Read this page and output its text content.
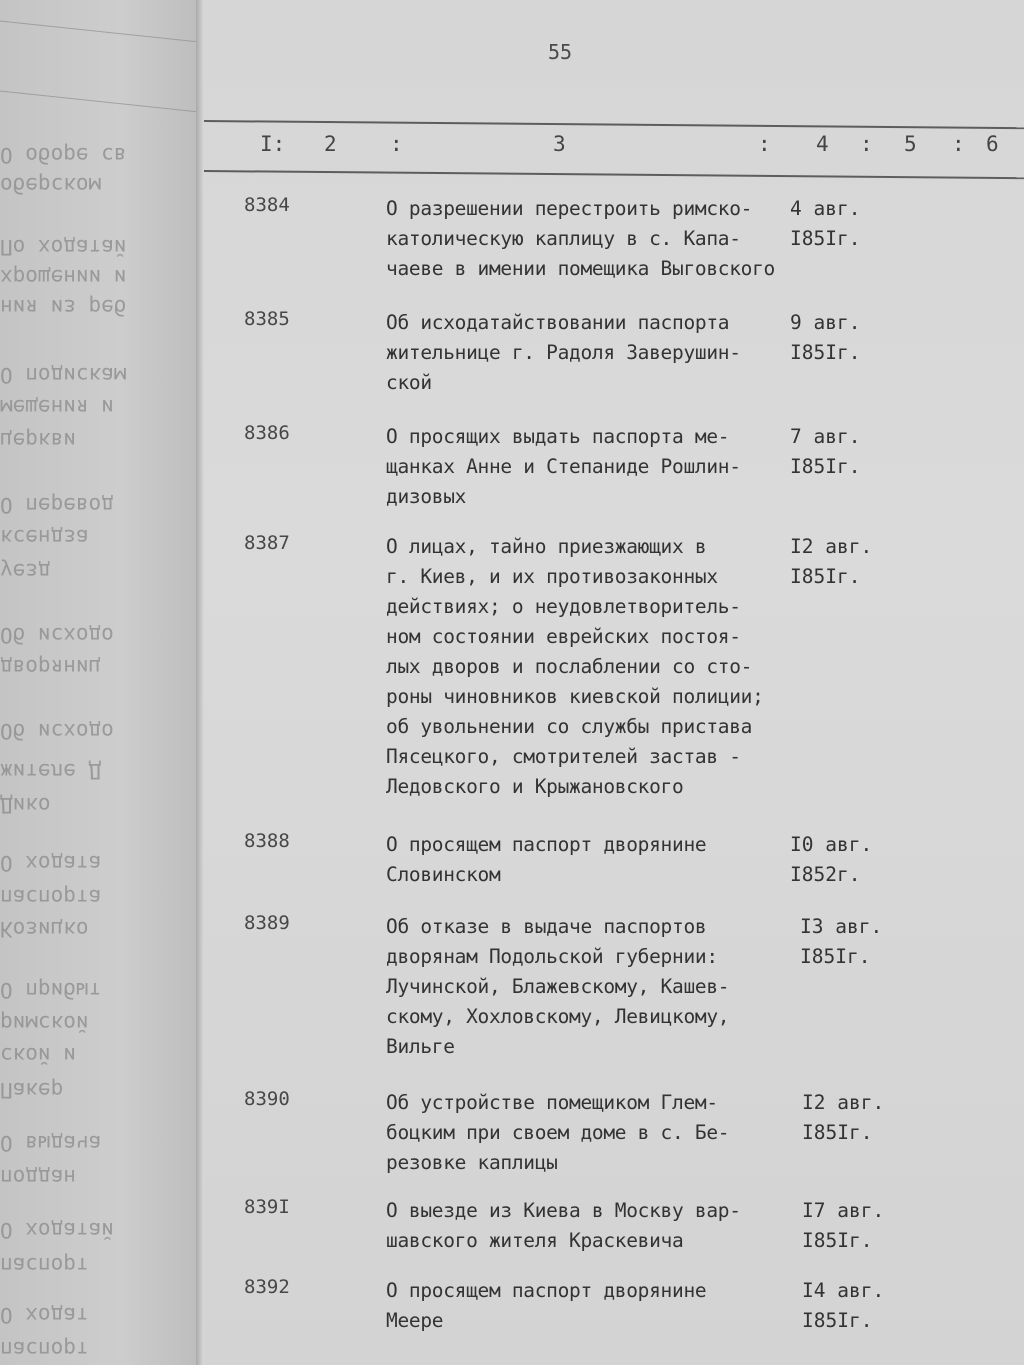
О оборе св
оберском
По ходатай
хрощении и
ния из реб
О подискам
мещения и
церкви
О перевод
ксендза
уезд
Об исходо
дворяниц
Об исходо
жителе Д
Дико
О ходата
паспорта
Козицко
О прибыт
римской
ской и
Пакер
О выдача
поддан
О ходатай
паспорт
О ходат
паспорт
55
I: 2	:	3	: 4 : 5 : 6
8384	О разрешении перестроить римско-
католическую каплицу в с. Капа-
чаеве в имении помещика Выговского
4 авг.
I85Iг.
8385	Об исходатайствовании паспорта
жительнице г. Радоля Заверушин-
ской
9 авг.
I85Iг.
8386	О просящих выдать паспорта ме-
щанках Анне и Степаниде Рошлин-
дизовых
7 авг.
I85Iг.
8387	О лицах, тайно приезжающих в
г. Киев, и их противозаконных
действиях; о неудовлетворитель-
ном состоянии еврейских постоя-
лых дворов и послаблении со сто-
роны чиновников киевской полиции;
об увольнении со службы пристава
Пясецкого, смотрителей застав -
Ледовского и Крыжановского
I2 авг.
I85Iг.
8388	О просящем паспорт дворянине
Словинском
I0 авг.
I852г.
8389	Об отказе в выдаче паспортов
дворянам Подольской губернии:
Лучинской, Блажевскому, Кашев-
скому, Хохловскому, Левицкому,
Вильге
I3 авг.
I85Iг.
8390	Об устройстве помещиком Глем-
боцким при своем доме в с. Бе-
резовке каплицы
I2 авг.
I85Iг.
839I	О выезде из Киева в Москву вар-
шавского жителя Краскевича
I7 авг.
I85Iг.
8392	О просящем паспорт дворянине
Меере
I4 авг.
I85Iг.
